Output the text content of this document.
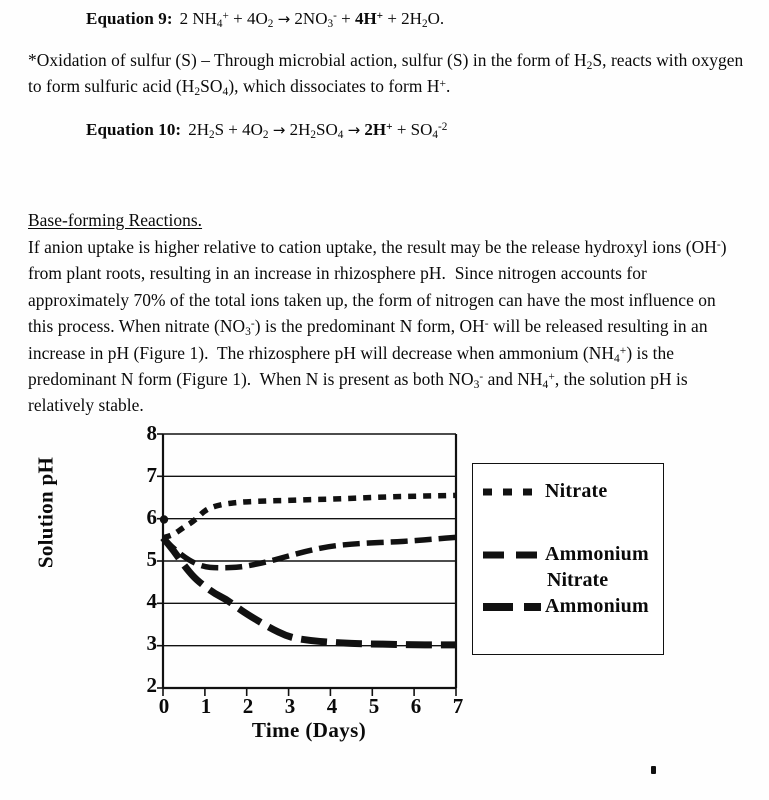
Equation 9: 2 $NH_4^+ + 4O_2 \to 2NO_3^- + 4H^+ + 2H_2O$.
*Oxidation of sulfur (S) – Through microbial action, sulfur (S) in the form of $H_2S$, reacts with oxygen to form sulfuric acid $(H_2SO_4)$, which dissociates to form H+.
Equation 10: $2H_2S + 4O_2 \to 2H_2SO_4 \to 2H^+ + SO_4^{-2}$
Base-forming Reactions.
If anion uptake is higher relative to cation uptake, the result may be the release hydroxyl ions (OH-) from plant roots, resulting in an increase in rhizosphere pH.  Since nitrogen accounts for approximately 70% of the total ions taken up, the form of nitrogen can have the most influence on this process. When nitrate $(NO_3^-)$ is the predominant N form, OH- will be released resulting in an increase in pH (Figure 1).  The rhizosphere pH will decrease when ammonium $(NH_4^+)$ is the predominant N form (Figure 1).  When N is present as both $NO_3^-$ and $NH_4^+$, the solution pH is relatively stable.
Solution pH
8
7
6
5
4
3
2
0 1 2 3 4 5 6 7
Time (Days)
Nitrate
Ammonium
Nitrate
Ammonium
